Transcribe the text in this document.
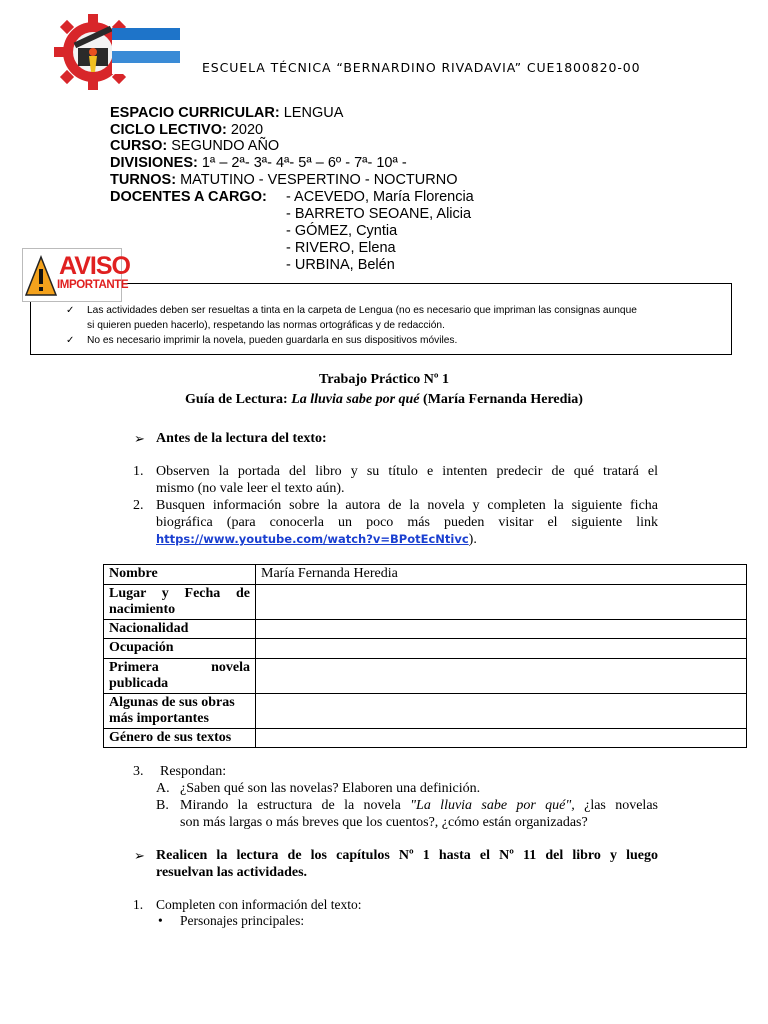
ESCUELA TÉCNICA “BERNARDINO RIVADAVIA” CUE1800820-00
ESPACIO CURRICULAR: LENGUA
CICLO LECTIVO: 2020
CURSO: SEGUNDO AÑO
DIVISIONES: 1ª – 2ª- 3ª- 4ª- 5ª – 6º - 7ª- 10ª -
TURNOS: MATUTINO - VESPERTINO - NOCTURNO
DOCENTES A CARGO: - ACEVEDO, María Florencia
- BARRETO SEOANE, Alicia
- GÓMEZ, Cyntia
- RIVERO, Elena
- URBINA, Belén
AVISO
IMPORTANTE
✓ Las actividades deben ser resueltas a tinta en la carpeta de Lengua (no es necesario que impriman las consignas aunque
si quieren pueden hacerlo), respetando las normas ortográficas y de redacción.
✓ No es necesario imprimir la novela, pueden guardarla en sus dispositivos móviles.
Trabajo Práctico Nº 1
Guía de Lectura: La lluvia sabe por qué (María Fernanda Heredia)
➢ Antes de la lectura del texto:
1. Observen la portada del libro y su título e intenten predecir de qué tratará el
mismo (no vale leer el texto aún).
2. Busquen información sobre la autora de la novela y completen la siguiente ficha
biográfica (para conocerla un poco más pueden visitar el siguiente link
https://www.youtube.com/watch?v=BPotEcNtivc).
Nombre	María Fernanda Heredia

Lugar y Fecha de
nacimiento	

Nacionalidad	
Ocupación	

Primera novela
publicada	

Algunas de sus obras
más importantes	

Género de sus textos	
3. Respondan:
A. ¿Saben qué son las novelas? Elaboren una definición.
B. Mirando la estructura de la novela "La lluvia sabe por qué", ¿las novelas
son más largas o más breves que los cuentos?, ¿cómo están organizadas?
➢ Realicen la lectura de los capítulos Nº 1 hasta el Nº 11 del libro y luego
resuelvan las actividades.
1. Completen con información del texto:
• Personajes principales:
